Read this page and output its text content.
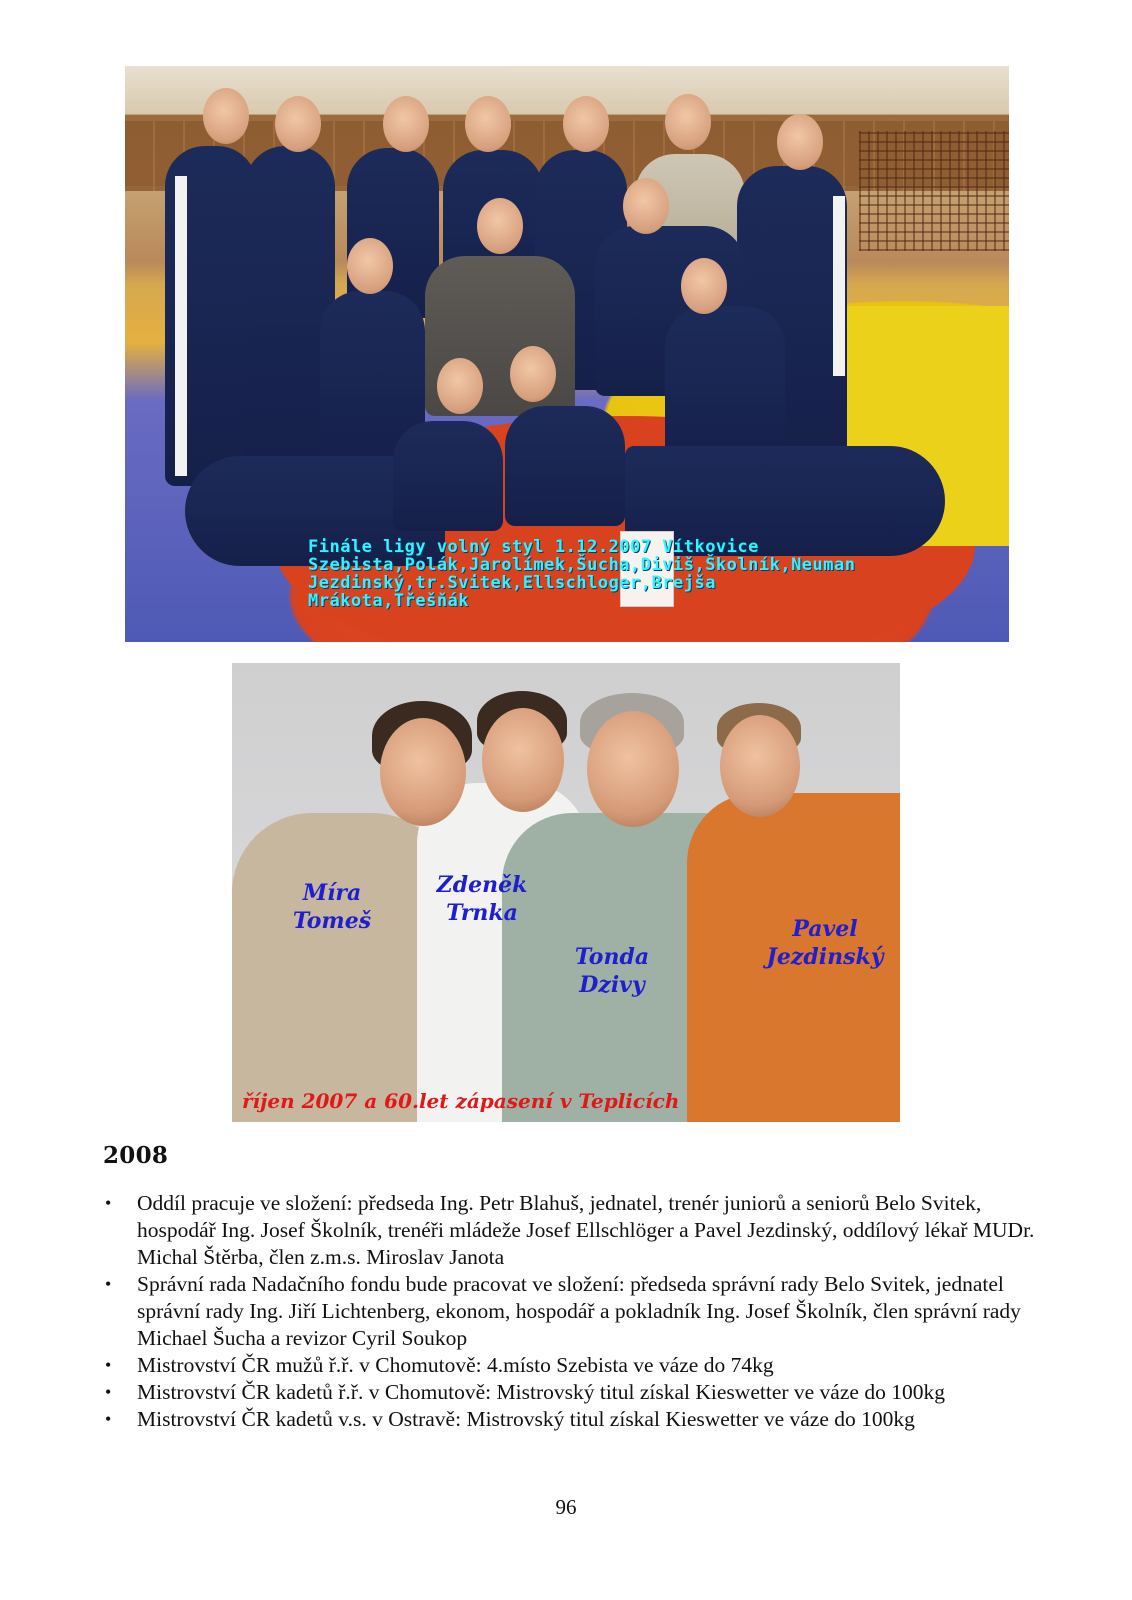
Finále ligy volný styl 1.12.2007 Vítkovice
Szebista,Polák,Jarolímek,Šucha,Diviš,Školník,Neuman
Jezdinský,tr.Svitek,Ellschloger,Brejša
Mrákota,Třešňák
Míra
Tomeš
Zdeněk
Trnka
Tonda
Dzivy
Pavel
Jezdinský
říjen 2007 a 60.let zápasení v Teplicích
2008
• Oddíl pracuje ve složení: předseda Ing. Petr Blahuš, jednatel, trenér juniorů a seniorů Belo Svitek, hospodář Ing. Josef Školník, trenéři mládeže Josef Ellschlöger a Pavel Jezdinský, oddílový lékař MUDr. Michal Štěrba, člen z.m.s. Miroslav Janota
• Správní rada Nadačního fondu bude pracovat ve složení: předseda správní rady Belo Svitek, jednatel správní rady Ing. Jiří Lichtenberg, ekonom, hospodář a pokladník Ing. Josef Školník, člen správní rady Michael Šucha a revizor Cyril Soukop
• Mistrovství ČR mužů ř.ř. v Chomutově: 4.místo Szebista ve váze do 74kg
• Mistrovství ČR kadetů ř.ř. v Chomutově: Mistrovský titul získal Kieswetter ve váze do 100kg
• Mistrovství ČR kadetů v.s. v Ostravě: Mistrovský titul získal Kieswetter ve váze do 100kg
96
